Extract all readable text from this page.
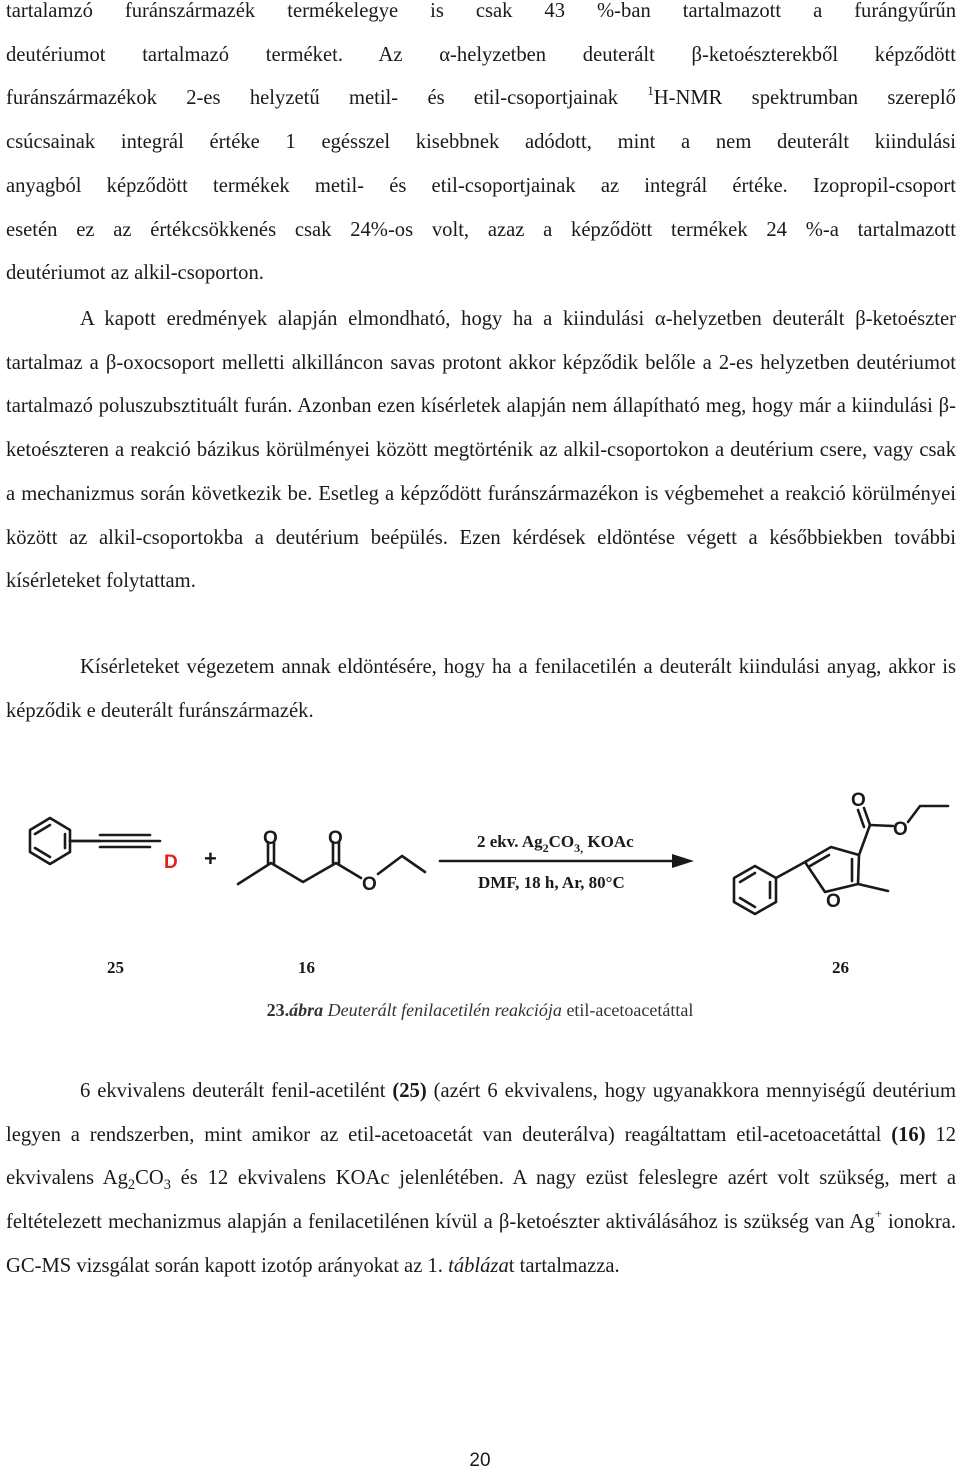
tartalamzó furánszármazék termékelegye is csak 43 %-ban tartalmazott a furángyűrűn
deutériumot tartalmazó terméket. Az α-helyzetben deuterált β-ketoészterekből képződött
furánszármazékok 2-es helyzetű metil- és etil-csoportjainak $^1$H-NMR spektrumban szereplő
csúcsainak integrál értéke 1 egésszel kisebbnek adódott, mint a nem deuterált kiindulási
anyagból képződött termékek metil- és etil-csoportjainak az integrál értéke. Izopropil-csoport
esetén ez az értékcsökkenés csak 24%-os volt, azaz a képződött termékek 24 %-a tartalmazott
deutériumot az alkil-csoporton.
A kapott eredmények alapján elmondható, hogy ha a kiindulási α-helyzetben deuterált β-ketoészter tartalmaz a β-oxocsoport melletti alkilláncon savas protont akkor képződik belőle a 2-es helyzetben deutériumot tartalmazó poluszubsztituált furán. Azonban ezen kísérletek alapján nem állapítható meg, hogy már a kiindulási β-ketoészteren a reakció bázikus körülményei között megtörténik az alkil-csoportokon a deutérium csere, vagy csak a mechanizmus során következik be. Esetleg a képződött furánszármazékon is végbemehet a reakció körülményei között az alkil-csoportokba a deutérium beépülés. Ezen kérdések eldöntése végett a későbbiekben további kísérleteket folytattam.
Kísérleteket végezetem annak eldöntésére, hogy ha a fenilacetilén a deuterált kiindulási anyag, akkor is képződik e deuterált furánszármazék.
D +
O	O
O
O
O
O
2 ekv. $Ag_2CO_{3,}$ KOAc
DMF, 18 h, Ar, 80°C
25	16	26
23.ábra Deuterált fenilacetilén reakciója etil-acetoacetáttal
6 ekvivalens deuterált fenil-acetilént (25) (azért 6 ekvivalens, hogy ugyanakkora mennyiségű deutérium legyen a rendszerben, mint amikor az etil-acetoacetát van deuterálva) reagáltattam etil-acetoacetáttal (16) 12 ekvivalens $Ag_2CO_3$ és 12 ekvivalens KOAc jelenlétében. A nagy ezüst feleslegre azért volt szükség, mert a feltételezett mechanizmus alapján a fenilacetilénen kívül a β-ketoészter aktiválásához is szükség van Ag+ ionokra. GC-MS vizsgálat során kapott izotóp arányokat az 1. táblázat tartalmazza.
20
